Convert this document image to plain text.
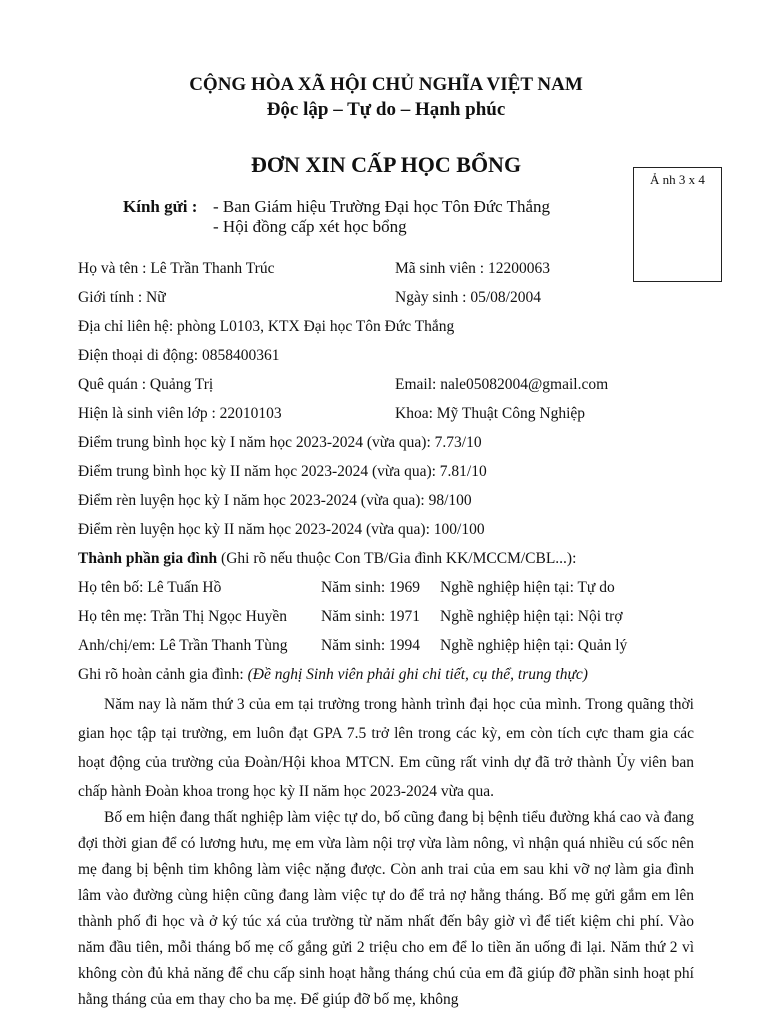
CỘNG HÒA XÃ HỘI CHỦ NGHĨA VIỆT NAM
Độc lập – Tự do – Hạnh phúc
ĐƠN XIN CẤP HỌC BỔNG
Ả nh 3 x 4
Kính gửi : - Ban Giám hiệu Trường Đại học Tôn Đức Thắng
- Hội đồng cấp xét học bổng
Họ và tên : Lê Trần Thanh Trúc	Mã sinh viên : 12200063
Giới tính : Nữ	Ngày sinh : 05/08/2004
Địa chỉ liên hệ: phòng L0103, KTX Đại học Tôn Đức Thắng
Điện thoại di động: 0858400361
Quê quán : Quảng Trị	Email: nale05082004@gmail.com
Hiện là sinh viên lớp : 22010103	Khoa: Mỹ Thuật Công Nghiệp
Điểm trung bình học kỳ I năm học 2023-2024 (vừa qua): 7.73/10
Điểm trung bình học kỳ II năm học 2023-2024 (vừa qua): 7.81/10
Điểm rèn luyện học kỳ I năm học 2023-2024 (vừa qua): 98/100
Điểm rèn luyện học kỳ II năm học 2023-2024 (vừa qua): 100/100
Thành phần gia đình (Ghi rõ nếu thuộc Con TB/Gia đình KK/MCCM/CBL...):
Họ tên bố: Lê Tuấn Hồ	Năm sinh: 1969 Nghề nghiệp hiện tại: Tự do
Họ tên mẹ: Trần Thị Ngọc Huyền Năm sinh: 1971 Nghề nghiệp hiện tại: Nội trợ
Anh/chị/em: Lê Trần Thanh Tùng Năm sinh: 1994 Nghề nghiệp hiện tại: Quản lý
Ghi rõ hoàn cảnh gia đình: (Đề nghị Sinh viên phải ghi chi tiết, cụ thể, trung thực)
Năm nay là năm thứ 3 của em tại trường trong hành trình đại học của mình. Trong quãng thời gian học tập tại trường, em luôn đạt GPA 7.5 trở lên trong các kỳ, em còn tích cực tham gia các hoạt động của trường của Đoàn/Hội khoa MTCN. Em cũng rất vinh dự đã trở thành Ủy viên ban chấp hành Đoàn khoa trong học kỳ II năm học 2023-2024 vừa qua.
Bố em hiện đang thất nghiệp làm việc tự do, bố cũng đang bị bệnh tiểu đường khá cao và đang đợi thời gian để có lương hưu, mẹ em vừa làm nội trợ vừa làm nông, vì nhận quá nhiều cú sốc nên mẹ đang bị bệnh tim không làm việc nặng được. Còn anh trai của em sau khi vỡ nợ làm gia đình lâm vào đường cùng hiện cũng đang làm việc tự do để trả nợ hằng tháng. Bố mẹ gửi gắm em lên thành phố đi học và ở ký túc xá của trường từ năm nhất đến bây giờ vì để tiết kiệm chi phí. Vào năm đầu tiên, mỗi tháng bố mẹ cố gắng gửi 2 triệu cho em để lo tiền ăn uống đi lại. Năm thứ 2 vì không còn đủ khả năng để chu cấp sinh hoạt hằng tháng chú của em đã giúp đỡ phần sinh hoạt phí hằng tháng của em thay cho ba mẹ. Để giúp đỡ bố mẹ, không
